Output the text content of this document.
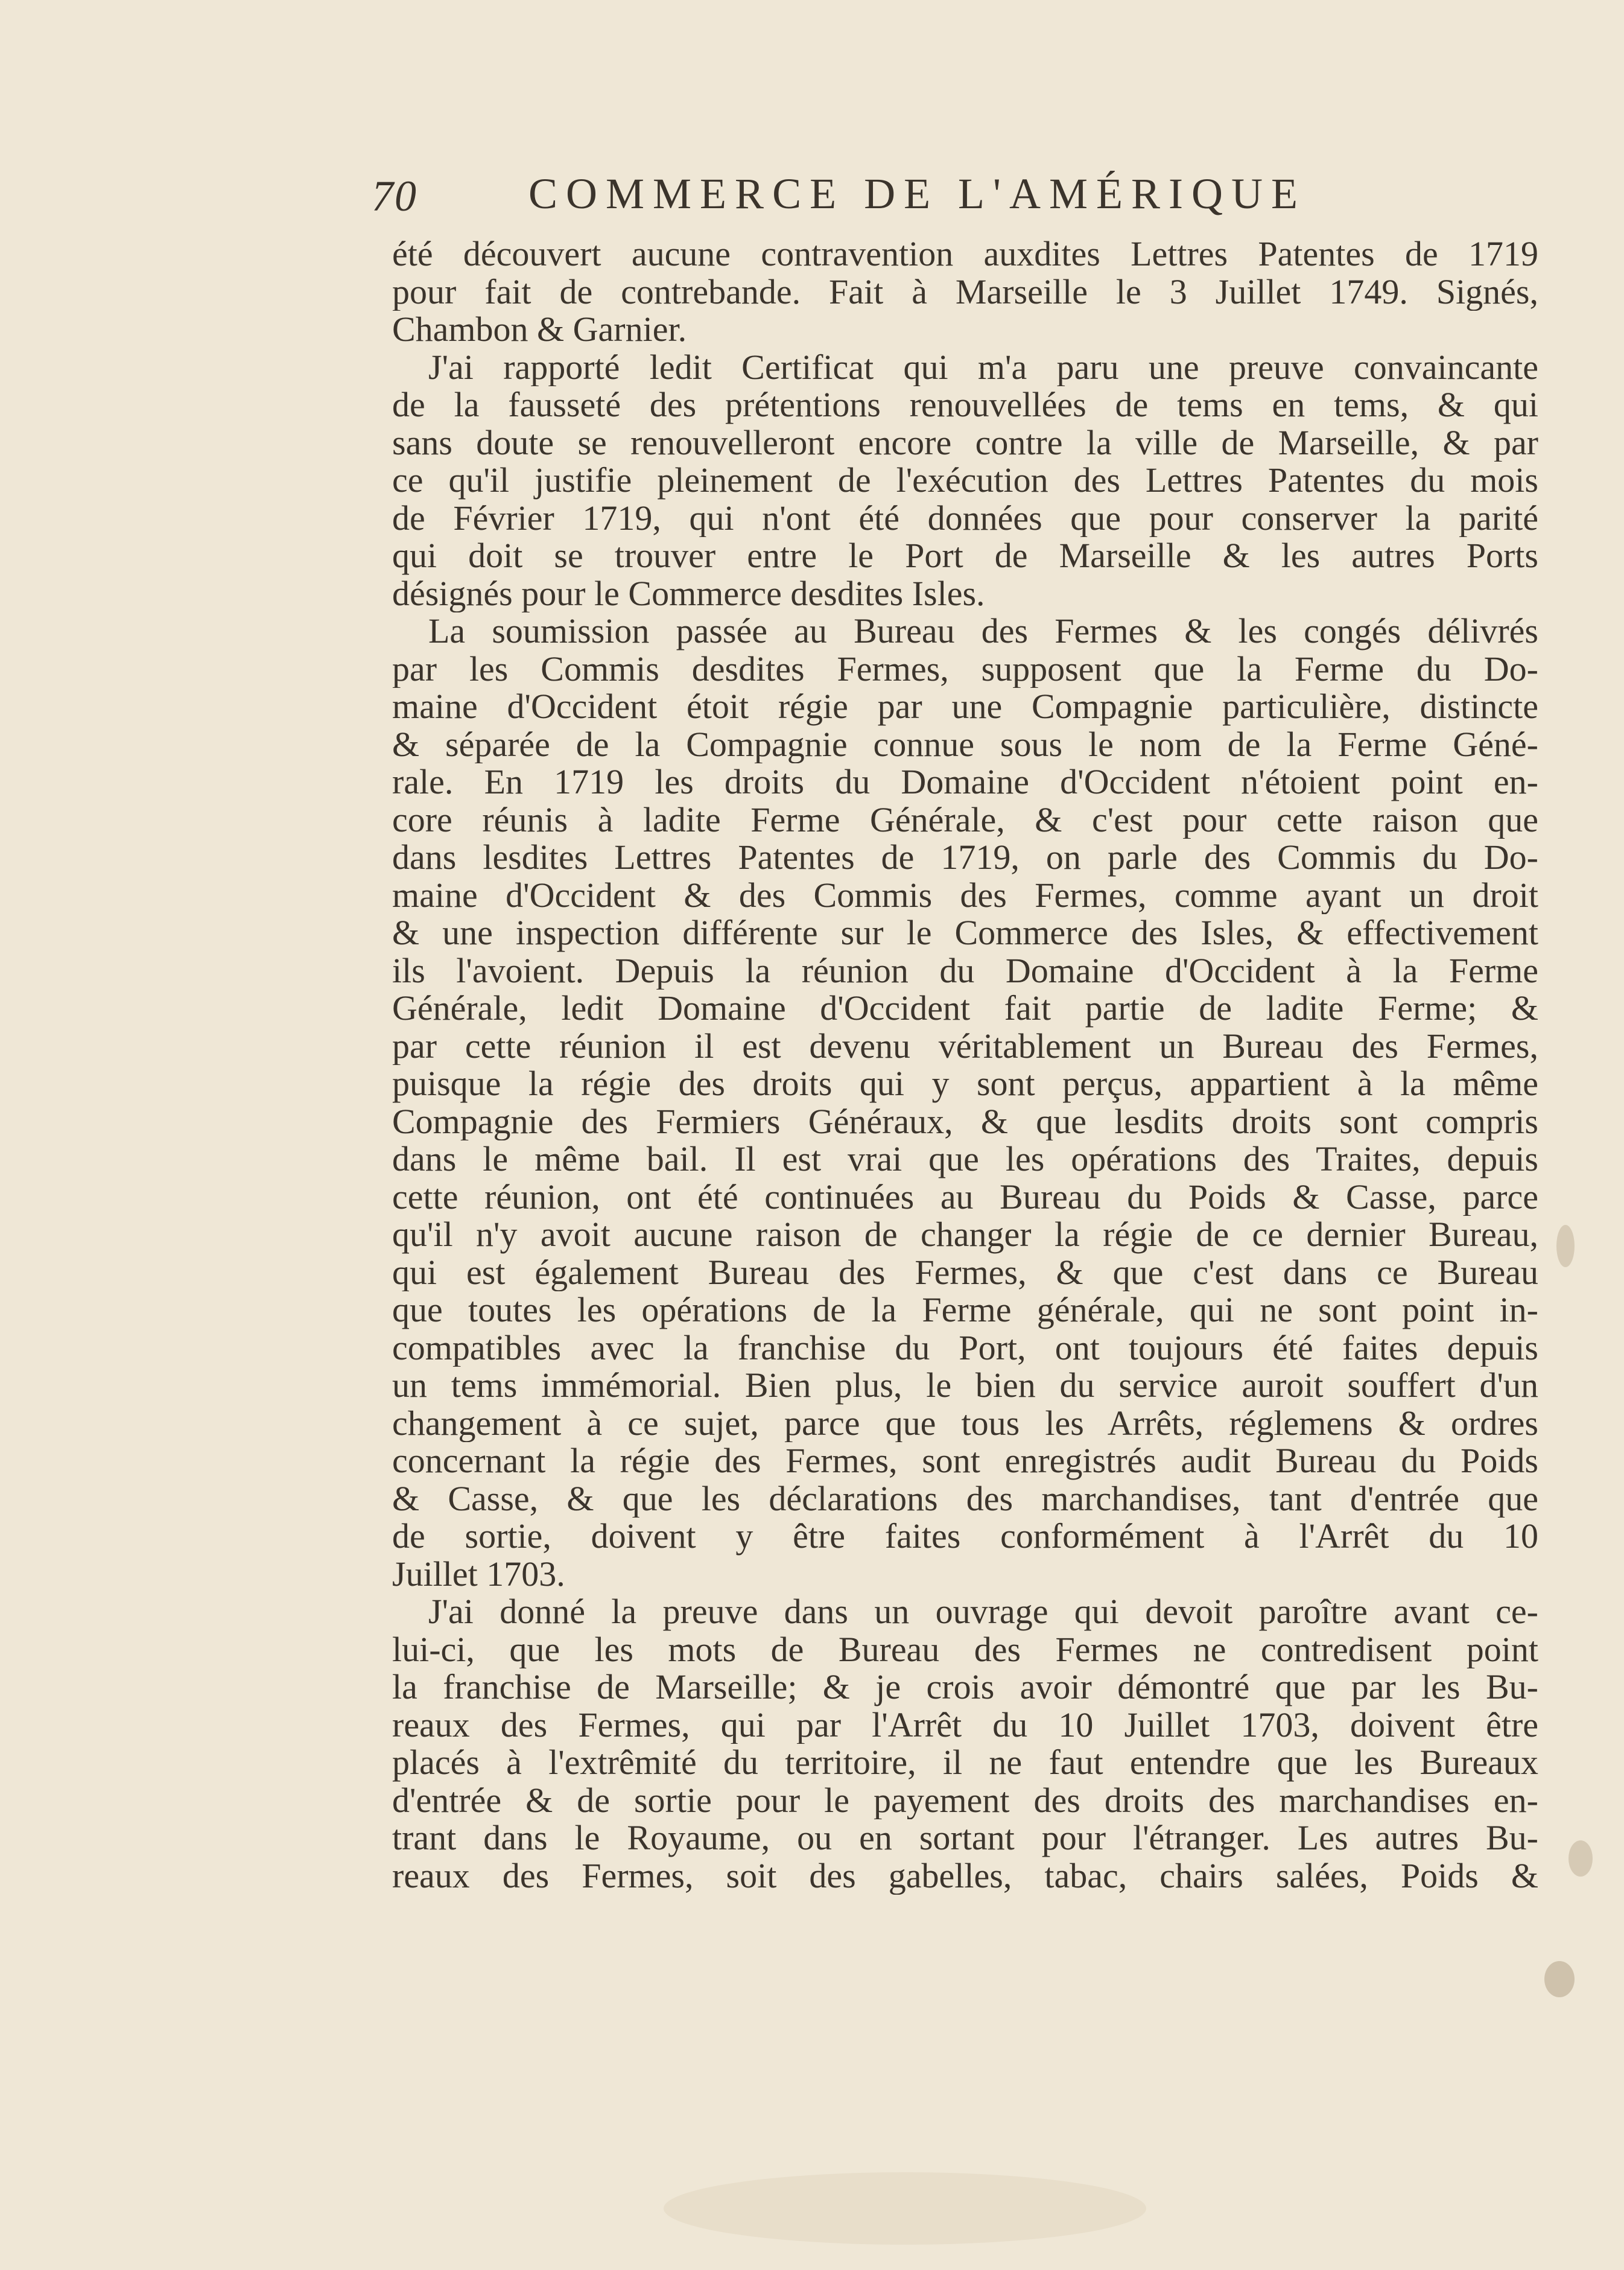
70	COMMERCE DE L'AMÉRIQUE
été découvert aucune contravention auxdites Lettres Patentes de 1719
pour fait de contrebande. Fait à Marseille le 3 Juillet 1749. Signés,
Chambon & Garnier.
J'ai rapporté ledit Certificat qui m'a paru une preuve convaincante
de la fausseté des prétentions renouvellées de tems en tems, & qui
sans doute se renouvelleront encore contre la ville de Marseille, & par
ce qu'il justifie pleinement de l'exécution des Lettres Patentes du mois
de Février 1719, qui n'ont été données que pour conserver la parité
qui doit se trouver entre le Port de Marseille & les autres Ports
désignés pour le Commerce desdites Isles.
La soumission passée au Bureau des Fermes & les congés délivrés
par les Commis desdites Fermes, supposent que la Ferme du Do-
maine d'Occident étoit régie par une Compagnie particulière, distincte
& séparée de la Compagnie connue sous le nom de la Ferme Géné-
rale. En 1719 les droits du Domaine d'Occident n'étoient point en-
core réunis à ladite Ferme Générale, & c'est pour cette raison que
dans lesdites Lettres Patentes de 1719, on parle des Commis du Do-
maine d'Occident & des Commis des Fermes, comme ayant un droit
& une inspection différente sur le Commerce des Isles, & effectivement
ils l'avoient. Depuis la réunion du Domaine d'Occident à la Ferme
Générale, ledit Domaine d'Occident fait partie de ladite Ferme; &
par cette réunion il est devenu véritablement un Bureau des Fermes,
puisque la régie des droits qui y sont perçus, appartient à la même
Compagnie des Fermiers Généraux, & que lesdits droits sont compris
dans le même bail. Il est vrai que les opérations des Traites, depuis
cette réunion, ont été continuées au Bureau du Poids & Casse, parce
qu'il n'y avoit aucune raison de changer la régie de ce dernier Bureau,
qui est également Bureau des Fermes, & que c'est dans ce Bureau
que toutes les opérations de la Ferme générale, qui ne sont point in-
compatibles avec la franchise du Port, ont toujours été faites depuis
un tems immémorial. Bien plus, le bien du service auroit souffert d'un
changement à ce sujet, parce que tous les Arrêts, réglemens & ordres
concernant la régie des Fermes, sont enregistrés audit Bureau du Poids
& Casse, & que les déclarations des marchandises, tant d'entrée que
de sortie, doivent y être faites conformément à l'Arrêt du 10
Juillet 1703.
J'ai donné la preuve dans un ouvrage qui devoit paroître avant ce-
lui-ci, que les mots de Bureau des Fermes ne contredisent point
la franchise de Marseille; & je crois avoir démontré que par les Bu-
reaux des Fermes, qui par l'Arrêt du 10 Juillet 1703, doivent être
placés à l'extrêmité du territoire, il ne faut entendre que les Bureaux
d'entrée & de sortie pour le payement des droits des marchandises en-
trant dans le Royaume, ou en sortant pour l'étranger. Les autres Bu-
reaux des Fermes, soit des gabelles, tabac, chairs salées, Poids &
